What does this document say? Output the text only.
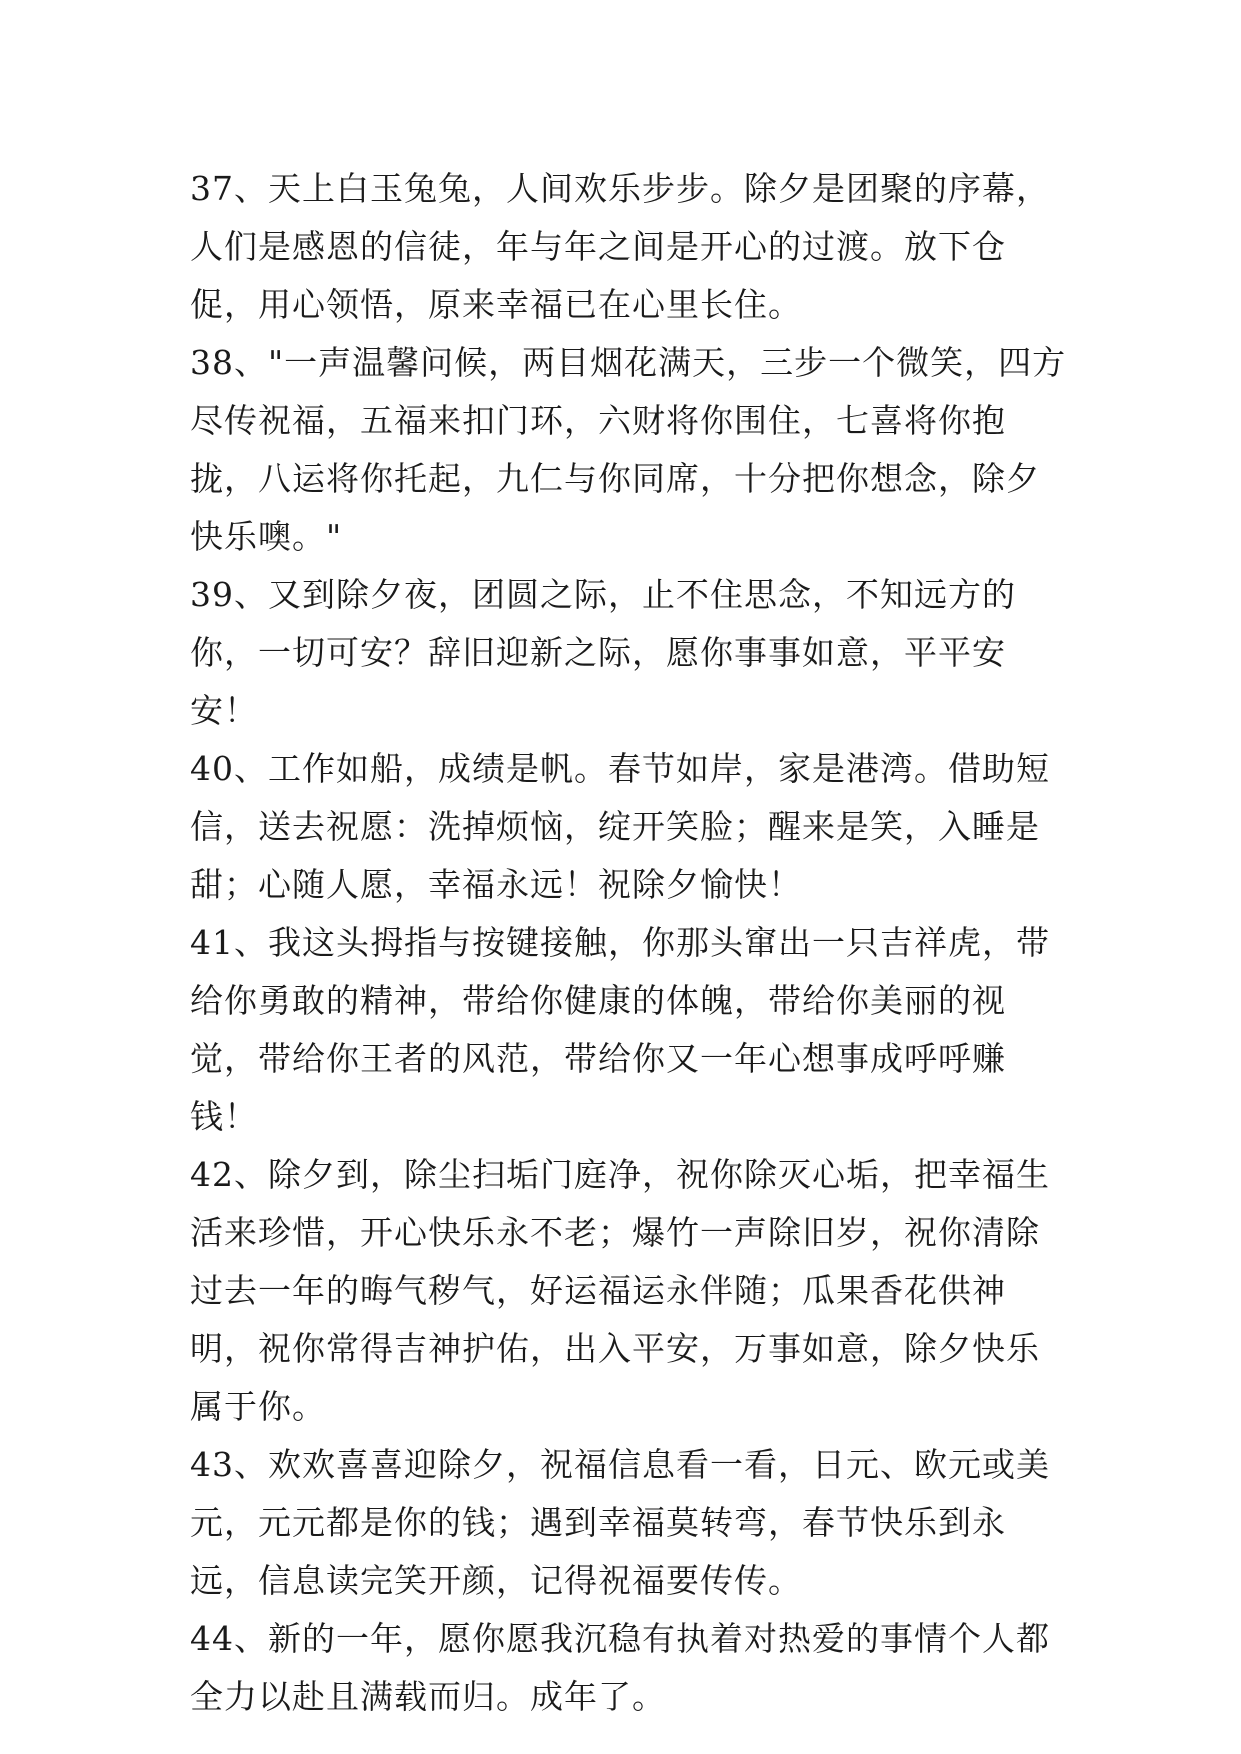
37、天上白玉兔兔，人间欢乐步步。除夕是团聚的序幕，人们是感恩的信徒，年与年之间是开心的过渡。放下仓促，用心领悟，原来幸福已在心里长住。

38、"一声温馨问候，两目烟花满天，三步一个微笑，四方尽传祝福，五福来扣门环，六财将你围住，七喜将你抱拢，八运将你托起，九仁与你同席，十分把你想念，除夕快乐噢。"

39、又到除夕夜，团圆之际，止不住思念，不知远方的你，一切可安？辞旧迎新之际，愿你事事如意，平平安安！

40、工作如船，成绩是帆。春节如岸，家是港湾。借助短信，送去祝愿：洗掉烦恼，绽开笑脸；醒来是笑，入睡是甜；心随人愿，幸福永远！祝除夕愉快！

41、我这头拇指与按键接触，你那头窜出一只吉祥虎，带给你勇敢的精神，带给你健康的体魄，带给你美丽的视觉，带给你王者的风范，带给你又一年心想事成呼呼赚钱！

42、除夕到，除尘扫垢门庭净，祝你除灭心垢，把幸福生活来珍惜，开心快乐永不老；爆竹一声除旧岁，祝你清除过去一年的晦气秽气，好运福运永伴随；瓜果香花供神明，祝你常得吉神护佑，出入平安，万事如意，除夕快乐属于你。

43、欢欢喜喜迎除夕，祝福信息看一看，日元、欧元或美元，元元都是你的钱；遇到幸福莫转弯，春节快乐到永远，信息读完笑开颜，记得祝福要传传。

44、新的一年，愿你愿我沉稳有执着对热爱的事情个人都全力以赴且满载而归。成年了。
